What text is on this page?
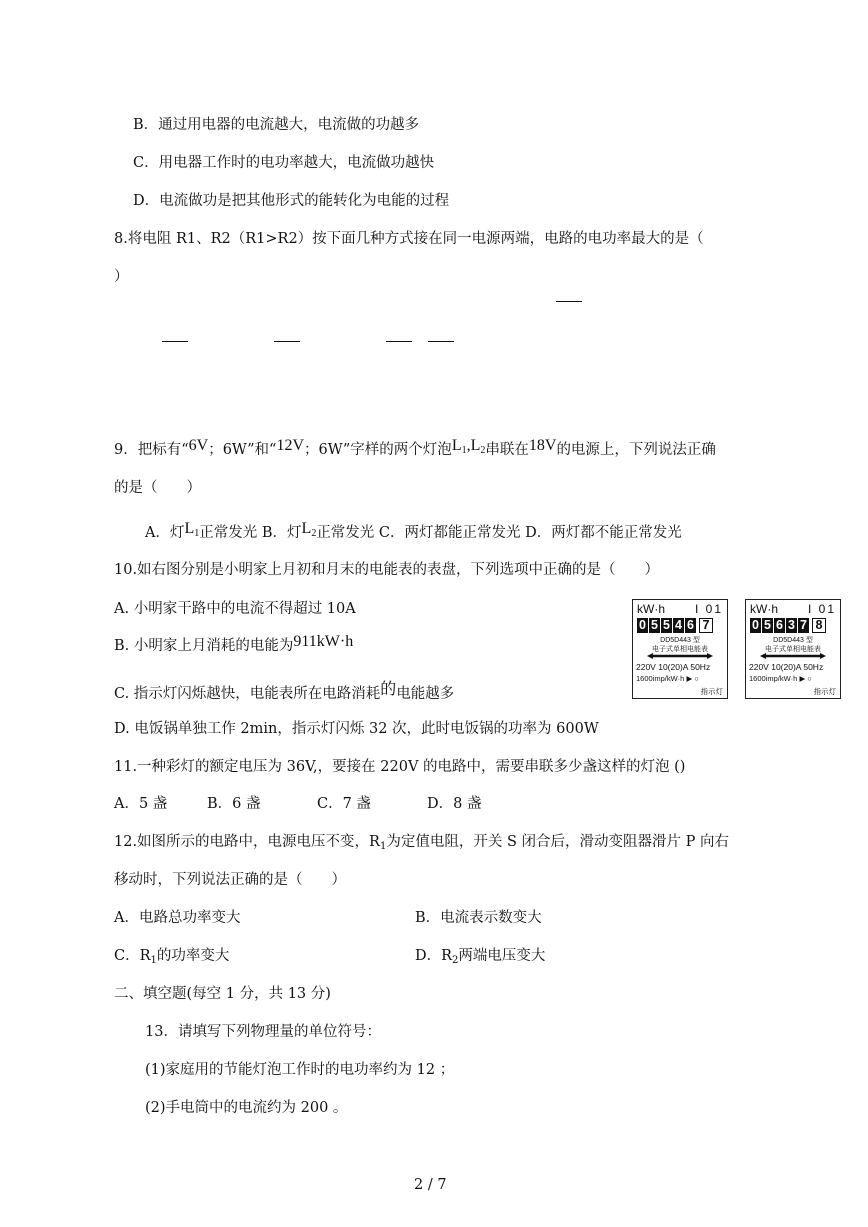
B．通过用电器的电流越大，电流做的功越多
C．用电器工作时的电功率越大，电流做功越快
D．电流做功是把其他形式的能转化为电能的过程
8.将电阻 R1、R2（R1>R2）按下面几种方式接在同一电源两端，电路的电功率最大的是（
）
9．把标有“6V；6W”和“12V；6W”字样的两个灯泡L1,L2串联在18V的电源上，下列说法正确
的是（　　）
A．灯L1正常发光 B．灯L2正常发光 C．两灯都能正常发光 D．两灯都不能正常发光
10.如右图分别是小明家上月初和月末的电能表的表盘，下列选项中正确的是（　　）
A. 小明家干路中的电流不得超过 10A
B. 小明家上月消耗的电能为911kW·h
C. 指示灯闪烁越快，电能表所在电路消耗的电能越多
D. 电饭锅单独工作 2min，指示灯闪烁 32 次，此时电饭锅的功率为 600W
kW·h I 01
0 5 5 4 6 7
DD5D443 型
电子式单相电能表
220V 10(20)A 50Hz
1600imp/kW·h ▶ ○
指示灯
kW·h I 01
0 5 6 3 7 8
DD5D443 型
电子式单相电能表
220V 10(20)A 50Hz
1600imp/kW·h ▶ ○
指示灯
11.一种彩灯的额定电压为 36V,，要接在 220V 的电路中，需要串联多少盏这样的灯泡 ()
A．5 盏	B．6 盏	C．7 盏	D．8 盏
12.如图所示的电路中，电源电压不变，$R_1$为定值电阻，开关 S 闭合后，滑动变阻器滑片 P 向右
移动时，下列说法正确的是（　　）
A．电路总功率变大	B．电流表示数变大
C．$R_1$的功率变大	D．$R_2$两端电压变大
二、填空题(每空 1 分，共 13 分)
13．请填写下列物理量的单位符号：
(1)家庭用的节能灯泡工作时的电功率约为 12 ；
(2)手电筒中的电流约为 200 。
2 / 7
